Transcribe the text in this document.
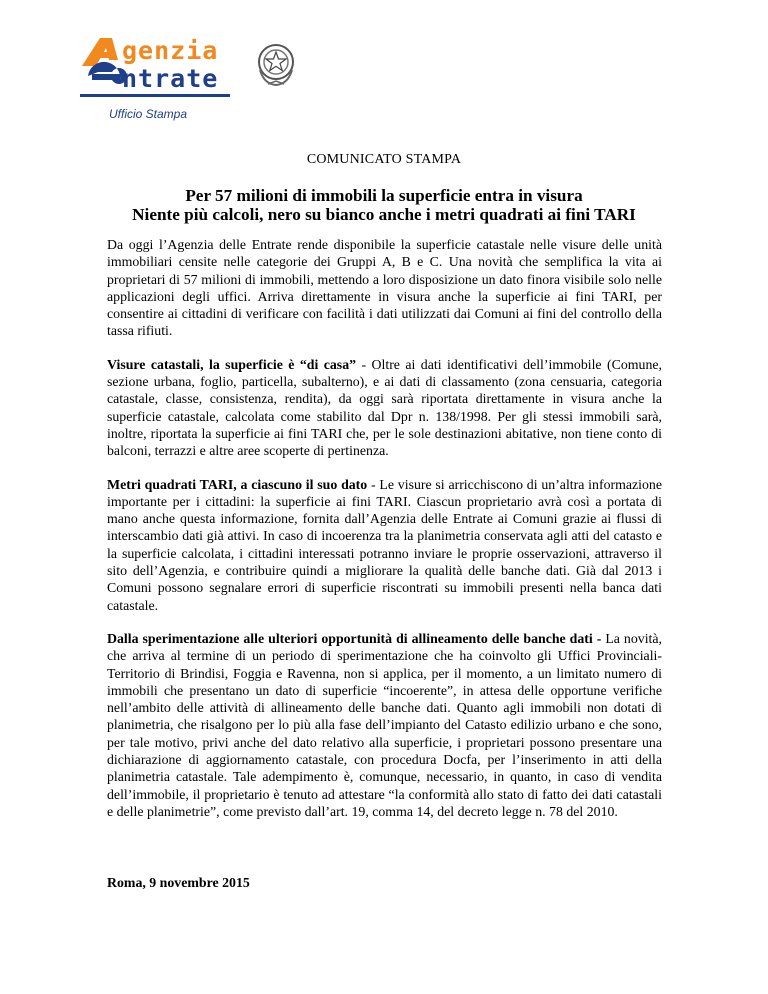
genzia
ntrate
Ufficio Stampa
COMUNICATO STAMPA
Per 57 milioni di immobili la superficie entra in visura
Niente più calcoli, nero su bianco anche i metri quadrati ai fini TARI

Da oggi l’Agenzia delle Entrate rende disponibile la superficie catastale nelle visure delle unità immobiliari censite nelle categorie dei Gruppi A, B e C. Una novità che semplifica la vita ai proprietari di 57 milioni di immobili, mettendo a loro disposizione un dato finora visibile solo nelle applicazioni degli uffici. Arriva direttamente in visura anche la superficie ai fini TARI, per consentire ai cittadini di verificare con facilità i dati utilizzati dai Comuni ai fini del controllo della tassa rifiuti.

Visure catastali, la superficie è “di casa” - Oltre ai dati identificativi dell’immobile (Comune, sezione urbana, foglio, particella, subalterno), e ai dati di classamento (zona censuaria, categoria catastale, classe, consistenza, rendita), da oggi sarà riportata direttamente in visura anche la superficie catastale, calcolata come stabilito dal Dpr n. 138/1998. Per gli stessi immobili sarà, inoltre, riportata la superficie ai fini TARI che, per le sole destinazioni abitative, non tiene conto di balconi, terrazzi e altre aree scoperte di pertinenza.

Metri quadrati TARI, a ciascuno il suo dato - Le visure si arricchiscono di un’altra informazione importante per i cittadini: la superficie ai fini TARI. Ciascun proprietario avrà così a portata di mano anche questa informazione, fornita dall’Agenzia delle Entrate ai Comuni grazie ai flussi di interscambio dati già attivi. In caso di incoerenza tra la planimetria conservata agli atti del catasto e la superficie calcolata, i cittadini interessati potranno inviare le proprie osservazioni, attraverso il sito dell’Agenzia, e contribuire quindi a migliorare la qualità delle banche dati. Già dal 2013 i Comuni possono segnalare errori di superficie riscontrati su immobili presenti nella banca dati catastale.

Dalla sperimentazione alle ulteriori opportunità di allineamento delle banche dati - La novità, che arriva al termine di un periodo di sperimentazione che ha coinvolto gli Uffici Provinciali-Territorio di Brindisi, Foggia e Ravenna, non si applica, per il momento, a un limitato numero di immobili che presentano un dato di superficie “incoerente”, in attesa delle opportune verifiche nell’ambito delle attività di allineamento delle banche dati. Quanto agli immobili non dotati di planimetria, che risalgono per lo più alla fase dell’impianto del Catasto edilizio urbano e che sono, per tale motivo, privi anche del dato relativo alla superficie, i proprietari possono presentare una dichiarazione di aggiornamento catastale, con procedura Docfa, per l’inserimento in atti della planimetria catastale. Tale adempimento è, comunque, necessario, in quanto, in caso di vendita dell’immobile, il proprietario è tenuto ad attestare “la conformità allo stato di fatto dei dati catastali e delle planimetrie”, come previsto dall’art. 19, comma 14, del decreto legge n. 78 del 2010.

Roma, 9 novembre 2015
